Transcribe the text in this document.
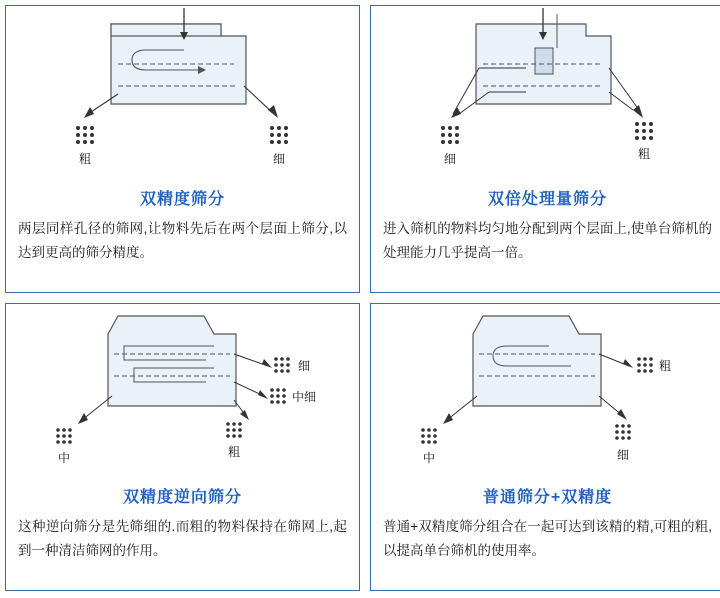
粗	细
双精度筛分
两层同样孔径的筛网,让物料先后在两个层面上筛分,以达到更高的筛分精度。
细	粗
双倍处理量筛分
进入筛机的物料均匀地分配到两个层面上,使单台筛机的处理能力几乎提高一倍。
细
中细
粗
中
双精度逆向筛分
这种逆向筛分是先筛细的.而粗的物料保持在筛网上,起到一种清洁筛网的作用。
粗
细
中
普通筛分+双精度
普通+双精度筛分组合在一起可达到该精的精,可粗的粗,以提高单台筛机的使用率。
